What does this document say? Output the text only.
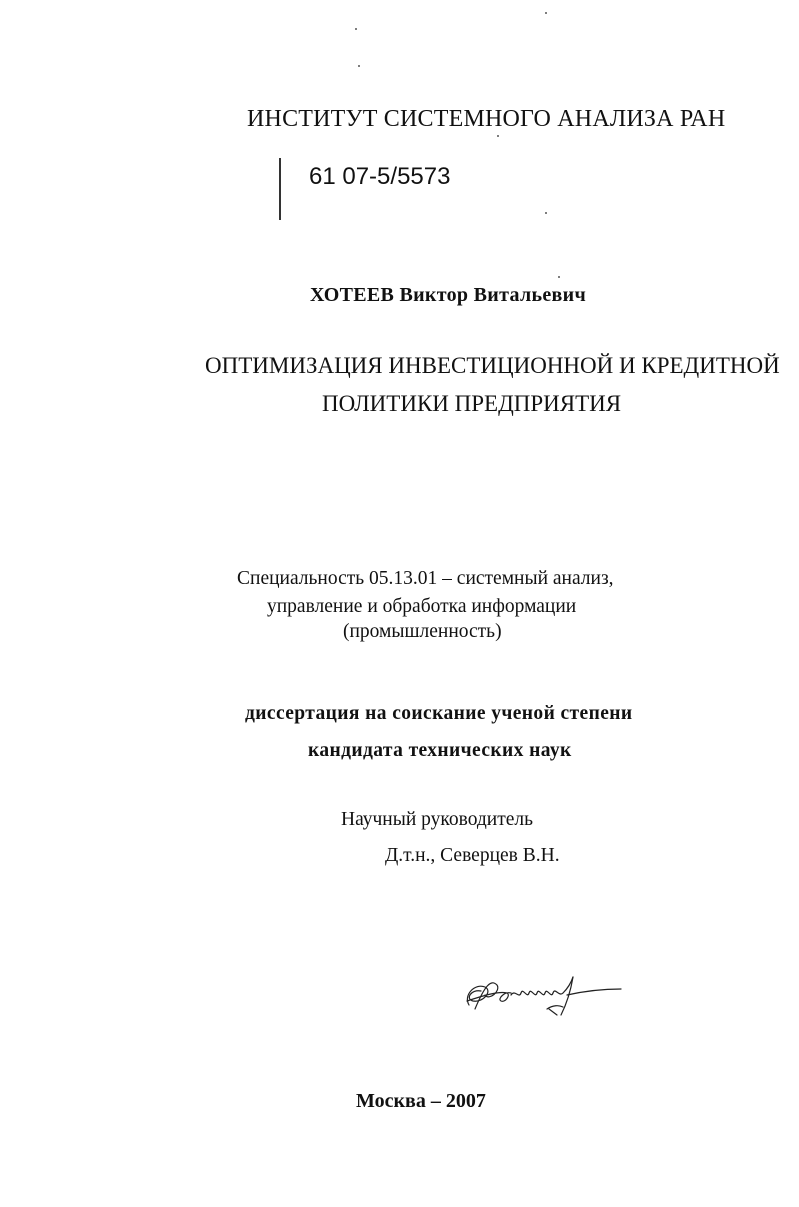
ИНСТИТУТ СИСТЕМНОГО АНАЛИЗА РАН
61 07-5/5573
ХОТЕЕВ Виктор Витальевич
ОПТИМИЗАЦИЯ ИНВЕСТИЦИОННОЙ И КРЕДИТНОЙ
ПОЛИТИКИ ПРЕДПРИЯТИЯ
Специальность 05.13.01 – системный анализ,
управление и обработка информации
(промышленность)
диссертация на соискание ученой степени
кандидата технических наук
Научный руководитель
Д.т.н., Северцев В.Н.
Москва – 2007
